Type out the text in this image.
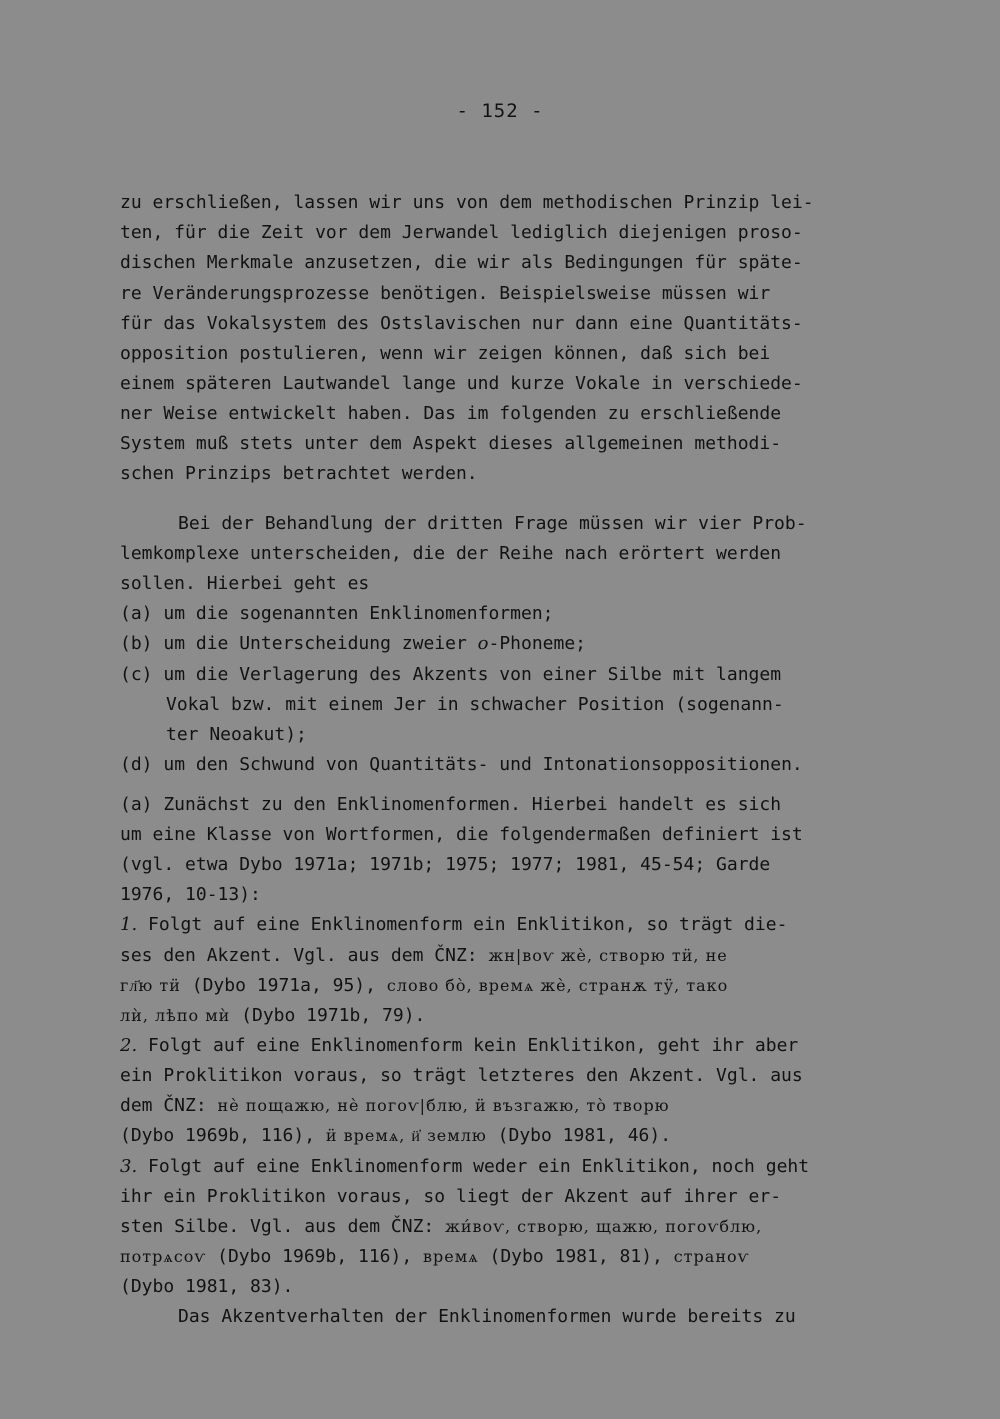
- 152 -
zu erschließen, lassen wir uns von dem methodischen Prinzip lei-
ten, für die Zeit vor dem Jerwandel lediglich diejenigen proso-
dischen Merkmale anzusetzen, die wir als Bedingungen für späte-
re Veränderungsprozesse benötigen. Beispielsweise müssen wir
für das Vokalsystem des Ostslavischen nur dann eine Quantitäts-
opposition postulieren, wenn wir zeigen können, daß sich bei
einem späteren Lautwandel lange und kurze Vokale in verschiede-
ner Weise entwickelt haben. Das im folgenden zu erschließende
System muß stets unter dem Aspekt dieses allgemeinen methodi-
schen Prinzips betrachtet werden.
Bei der Behandlung der dritten Frage müssen wir vier Prob-
lemkomplexe unterscheiden, die der Reihe nach erörtert werden
sollen. Hierbei geht es
(a) um die sogenannten Enklinomenformen;
(b) um die Unterscheidung zweier o-Phoneme;
(c) um die Verlagerung des Akzents von einer Silbe mit langem
Vokal bzw. mit einem Jer in schwacher Position (sogenann-
ter Neoakut);
(d) um den Schwund von Quantitäts- und Intonationsoppositionen.
(a) Zunächst zu den Enklinomenformen. Hierbei handelt es sich
um eine Klasse von Wortformen, die folgendermaßen definiert ist
(vgl. etwa Dybo 1971a; 1971b; 1975; 1977; 1981, 45-54; Garde
1976, 10-13):
1. Folgt auf eine Enklinomenform ein Enklitikon, so trägt die-
ses den Akzent. Vgl. aus dem ČNZ: жн|воѵ жѐ, створю тӥ, не
гл҃ю тӥ (Dybo 1971a, 95), слово бо̀, времѧ жѐ, странѫ тӱ, тако
лѝ, лѣпо мѝ (Dybo 1971b, 79).
2. Folgt auf eine Enklinomenform kein Enklitikon, geht ihr aber
ein Proklitikon voraus, so trägt letzteres den Akzent. Vgl. aus
dem ČNZ: нѐ пощажю, нѐ погоѵ|блю, ӥ възгажю, то̀ творю
(Dybo 1969b, 116), ӥ времѧ, ӥ҆ землю (Dybo 1981, 46).
3. Folgt auf eine Enklinomenform weder ein Enklitikon, noch geht
ihr ein Proklitikon voraus, so liegt der Akzent auf ihrer er-
sten Silbe. Vgl. aus dem ČNZ: жи́воѵ, створю, щажю, погоѵблю,
потрѧсоѵ (Dybo 1969b, 116), времѧ (Dybo 1981, 81), страноѵ
(Dybo 1981, 83).
Das Akzentverhalten der Enklinomenformen wurde bereits zu
